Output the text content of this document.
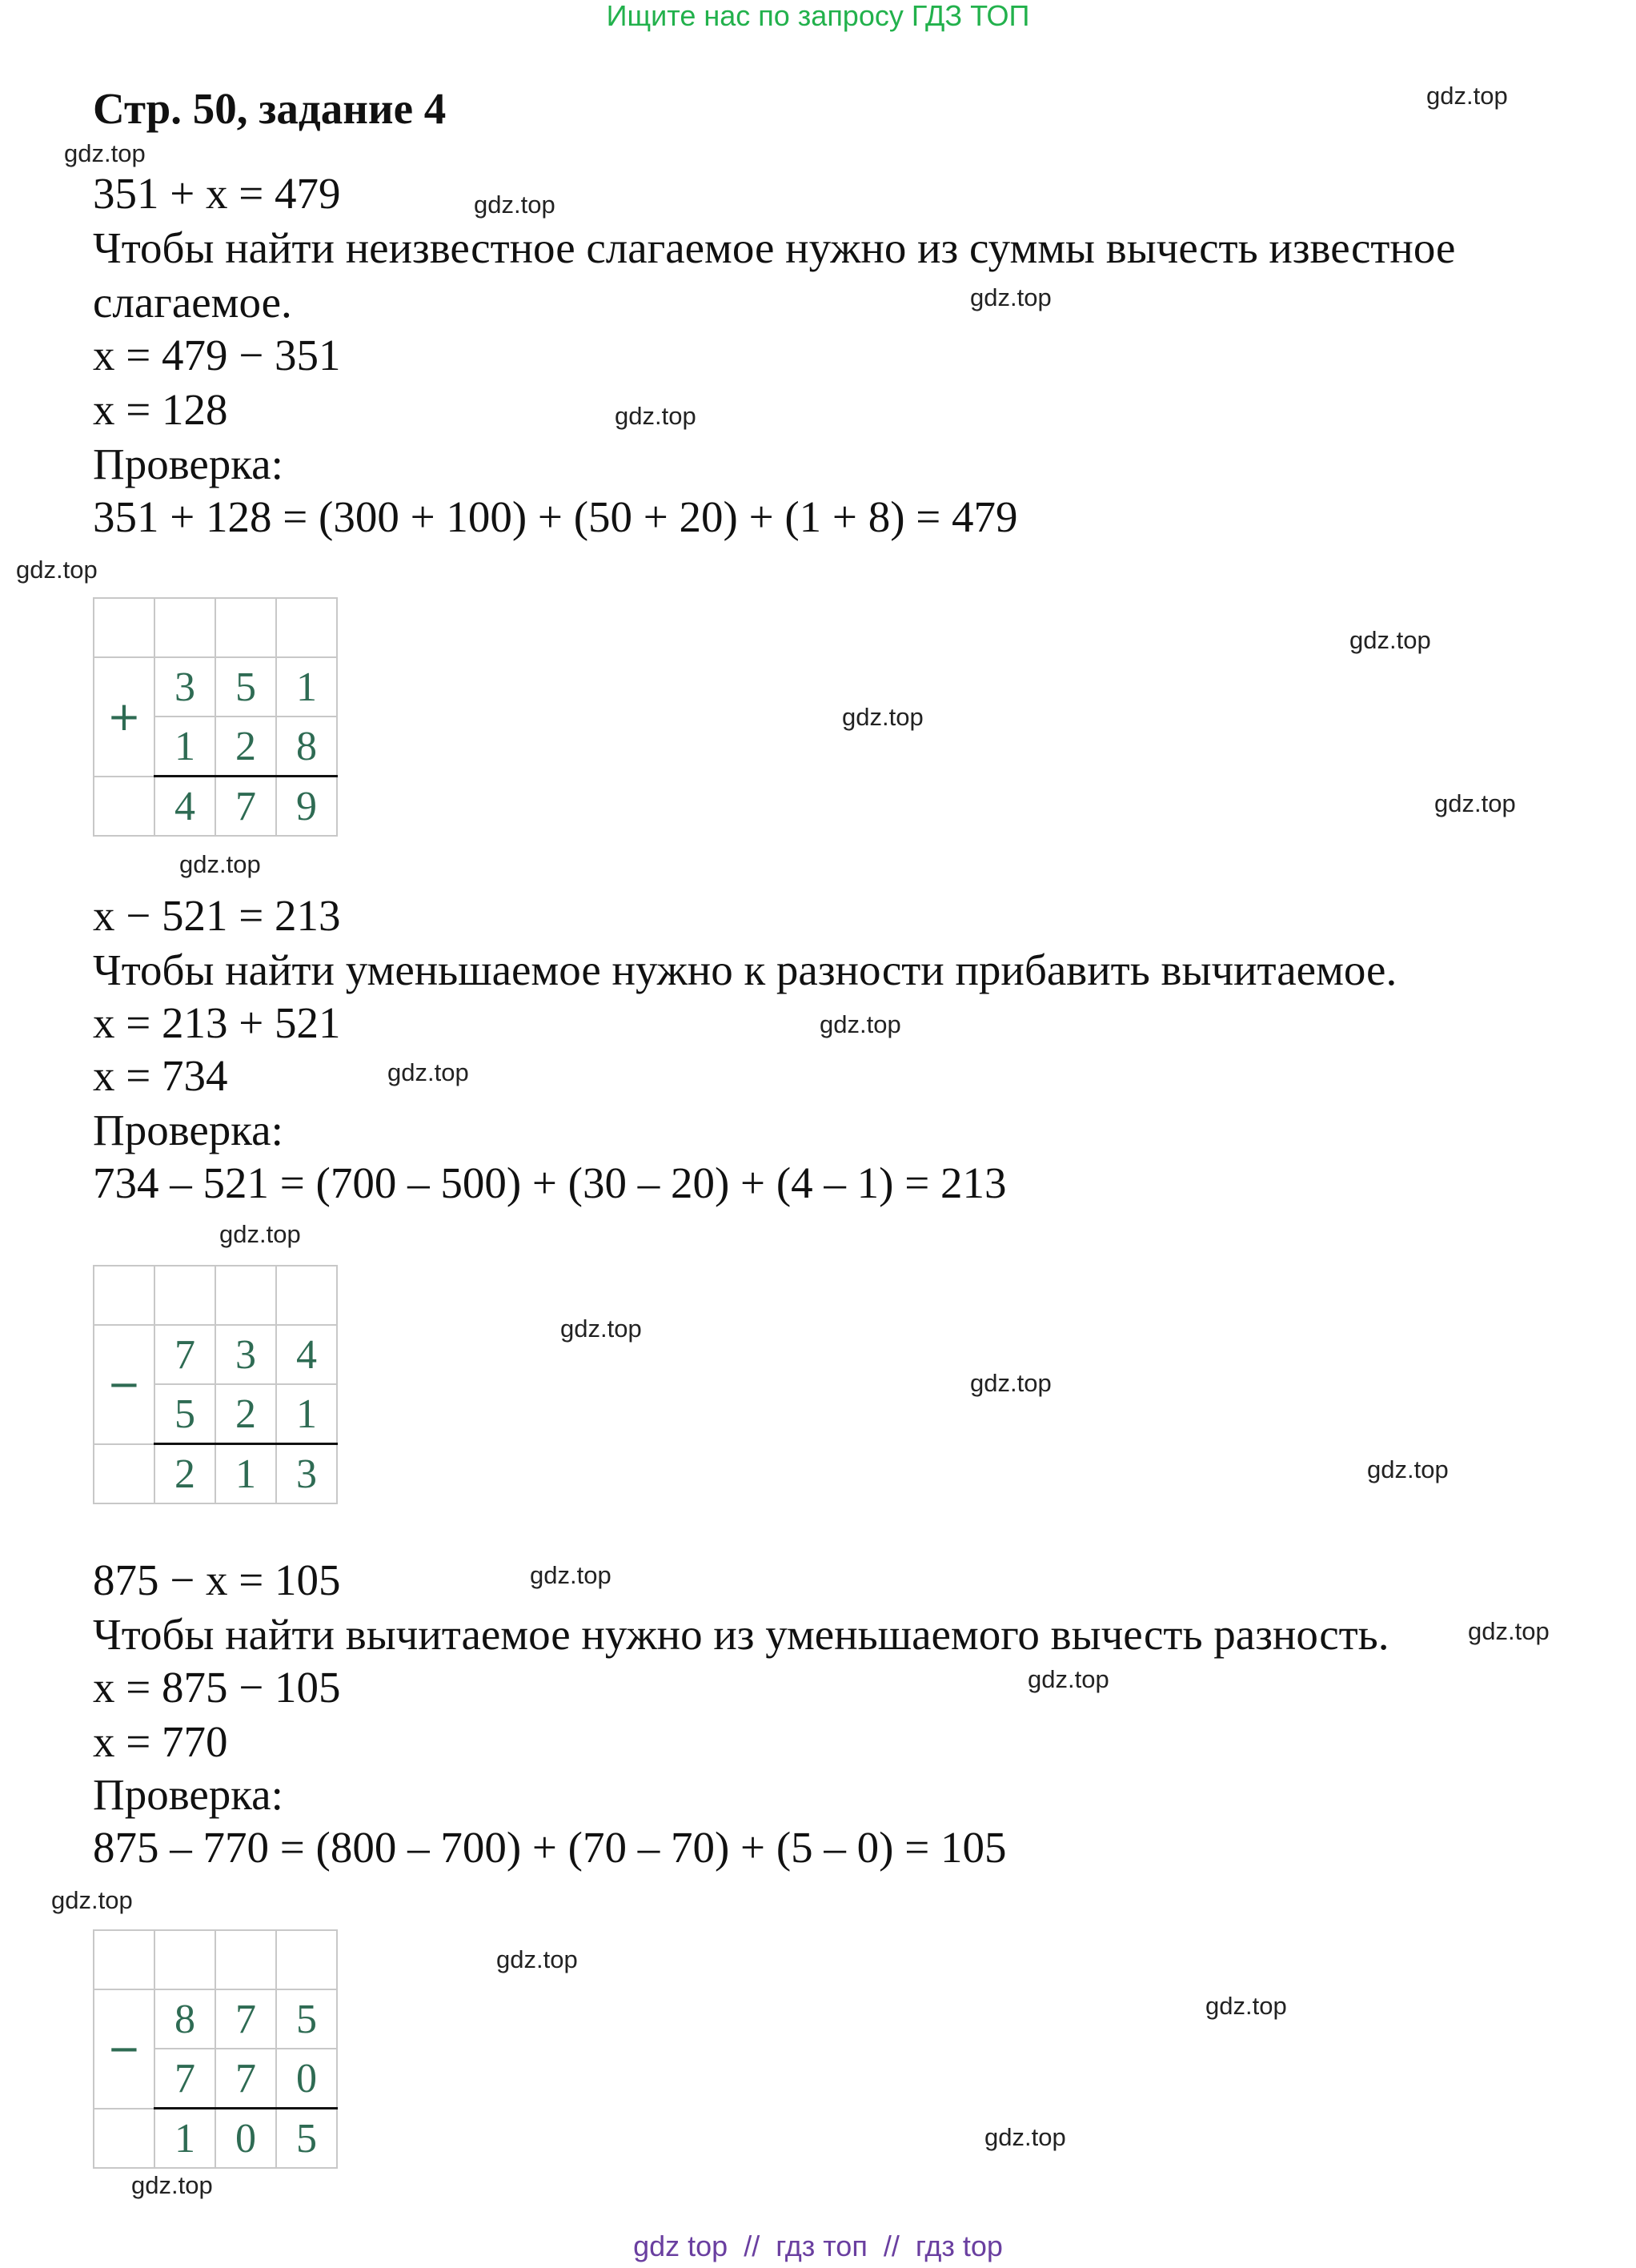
Ищите нас по запросу ГДЗ ТОП
Стр. 50, задание 4
351 + x = 479
Чтобы найти неизвестное слагаемое нужно из суммы вычесть известное
слагаемое.
x = 479 − 351
x = 128
Проверка:
351 + 128 = (300 + 100) + (50 + 20) + (1 + 8) = 479

+	3	5	1
	1	2	8
	4	7	9
x − 521 = 213
Чтобы найти уменьшаемое нужно к разности прибавить вычитаемое.
x = 213 + 521
x = 734
Проверка:
734 – 521 = (700 – 500) + (30 – 20) + (4 – 1) = 213

−	7	3	4
	5	2	1
	2	1	3
875 − x = 105
Чтобы найти вычитаемое нужно из уменьшаемого вычесть разность.
x = 875 − 105
x = 770
Проверка:
875 – 770 = (800 – 700) + (70 – 70) + (5 – 0) = 105

−	8	7	5
	7	7	0
	1	0	5
gdz.top
gdz.top
gdz.top
gdz.top
gdz.top
gdz.top
gdz.top
gdz.top
gdz.top
gdz.top
gdz.top
gdz.top
gdz.top
gdz.top
gdz.top
gdz.top
gdz.top
gdz.top
gdz.top
gdz.top
gdz.top
gdz.top
gdz.top
gdz.top
gdz top  //  гдз топ  //  гдз top
